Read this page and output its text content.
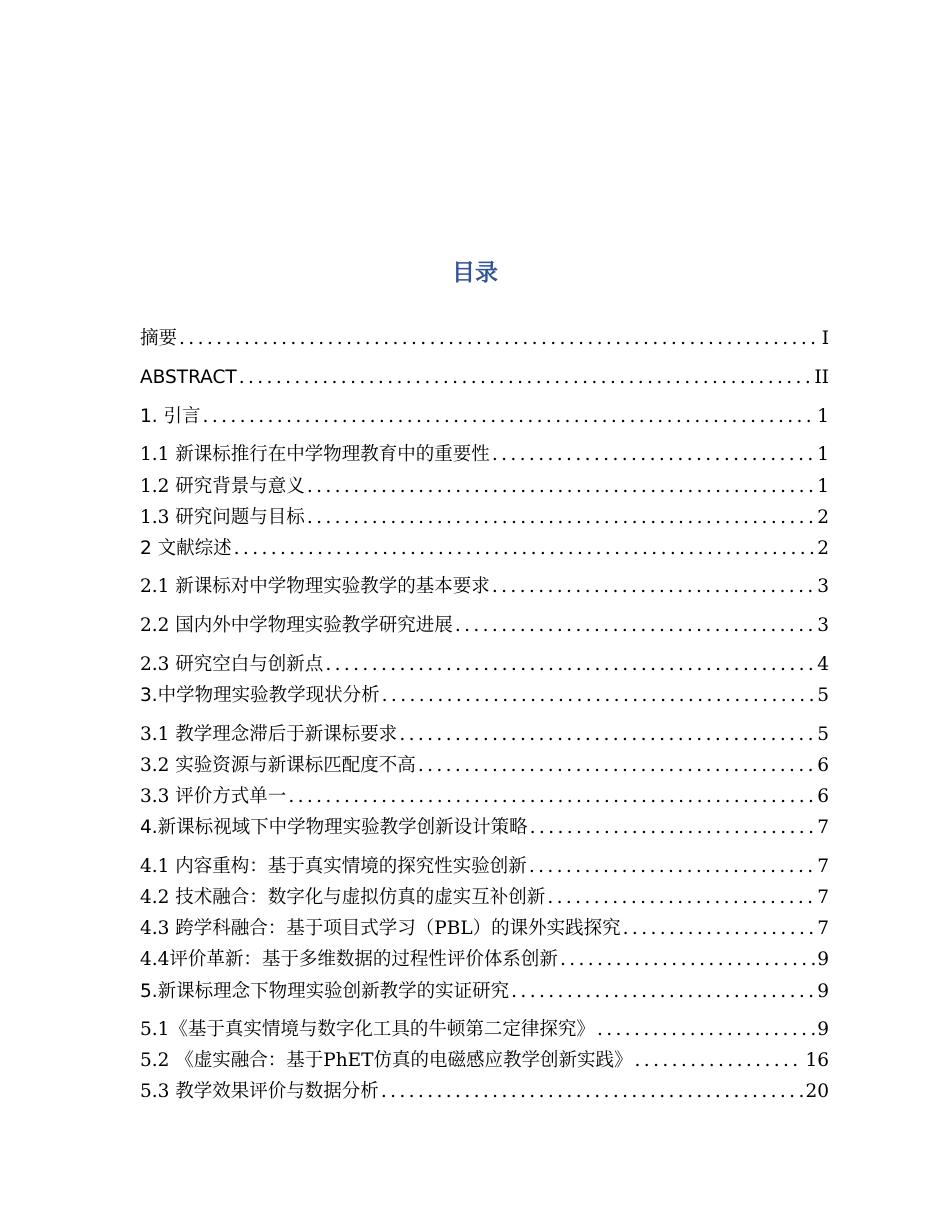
目录
摘要 .....	I
ABSTRACT .....	II
1. 引言 .....	1
1.1 新课标推行在中学物理教育中的重要性 .....	1
1.2 研究背景与意义 .....	1
1.3 研究问题与目标 .....	2
2 文献综述 .....	2
2.1 新课标对中学物理实验教学的基本要求 .....	3
2.2 国内外中学物理实验教学研究进展 .....	3
2.3 研究空白与创新点 .....	4
3.中学物理实验教学现状分析 .....	5
3.1 教学理念滞后于新课标要求 .....	5
3.2 实验资源与新课标匹配度不高 .....	6
3.3 评价方式单一 .....	6
4.新课标视域下中学物理实验教学创新设计策略 .....	7
4.1 内容重构：基于真实情境的探究性实验创新 .....	7
4.2 技术融合：数字化与虚拟仿真的虚实互补创新 .....	7
4.3 跨学科融合：基于项目式学习（PBL）的课外实践探究 .....	7
4.4评价革新：基于多维数据的过程性评价体系创新 .....	9
5.新课标理念下物理实验创新教学的实证研究 .....	9
5.1《基于真实情境与数字化工具的牛顿第二定律探究》 .....	9
5.2 《虚实融合：基于PhET仿真的电磁感应教学创新实践》 .....	16
5.3 教学效果评价与数据分析 .....	20
